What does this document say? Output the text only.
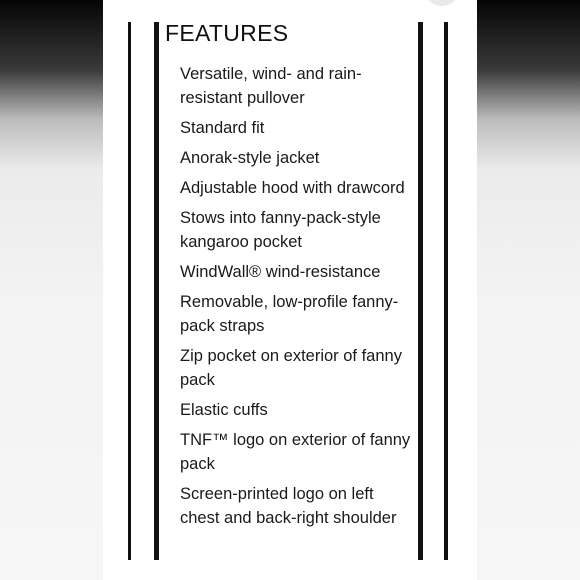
FEATURES
Versatile, wind- and rain-resistant pullover
Standard fit
Anorak-style jacket
Adjustable hood with drawcord
Stows into fanny-pack-style kangaroo pocket
WindWall® wind-resistance
Removable, low-profile fanny-pack straps
Zip pocket on exterior of fanny pack
Elastic cuffs
TNF™ logo on exterior of fanny pack
Screen-printed logo on left chest and back-right shoulder
